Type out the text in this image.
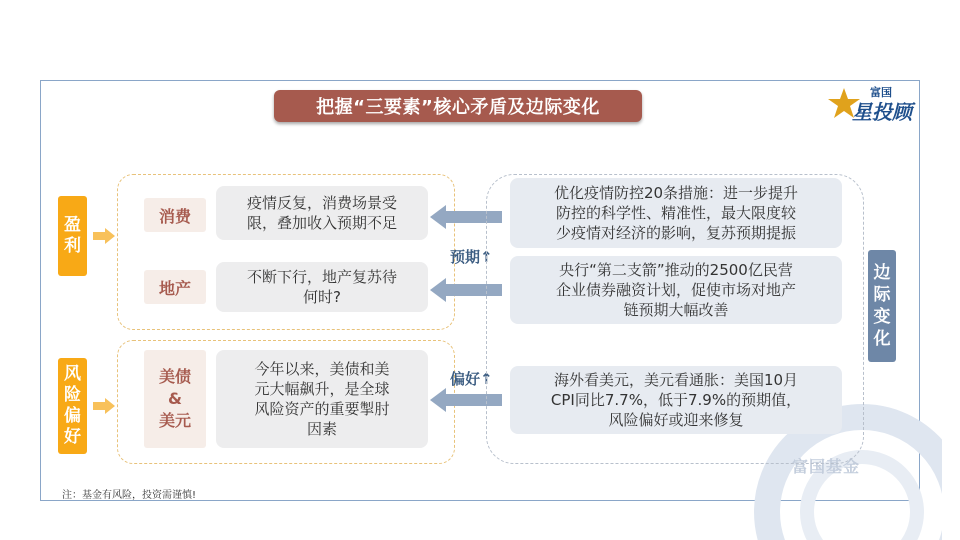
富国基金
把握“三要素”核心矛盾及边际变化
富国
星投顾
盈
利
风
险
偏
好
消费
疫情反复，消费场景受
限，叠加收入预期不足
地产
不断下行，地产复苏待
何时?
美债
&
美元
今年以来，美债和美
元大幅飙升，是全球
风险资产的重要掣肘
因素
预期↑
偏好↑
优化疫情防控20条措施：进一步提升
防控的科学性、精准性，最大限度较
少疫情对经济的影响，复苏预期提振
央行“第二支箭”推动的2500亿民营
企业债券融资计划，促使市场对地产
链预期大幅改善
海外看美元，美元看通胀：美国10月
CPI同比7.7%，低于7.9%的预期值，
风险偏好或迎来修复
边
际
变
化
注：基金有风险，投资需谨慎!
